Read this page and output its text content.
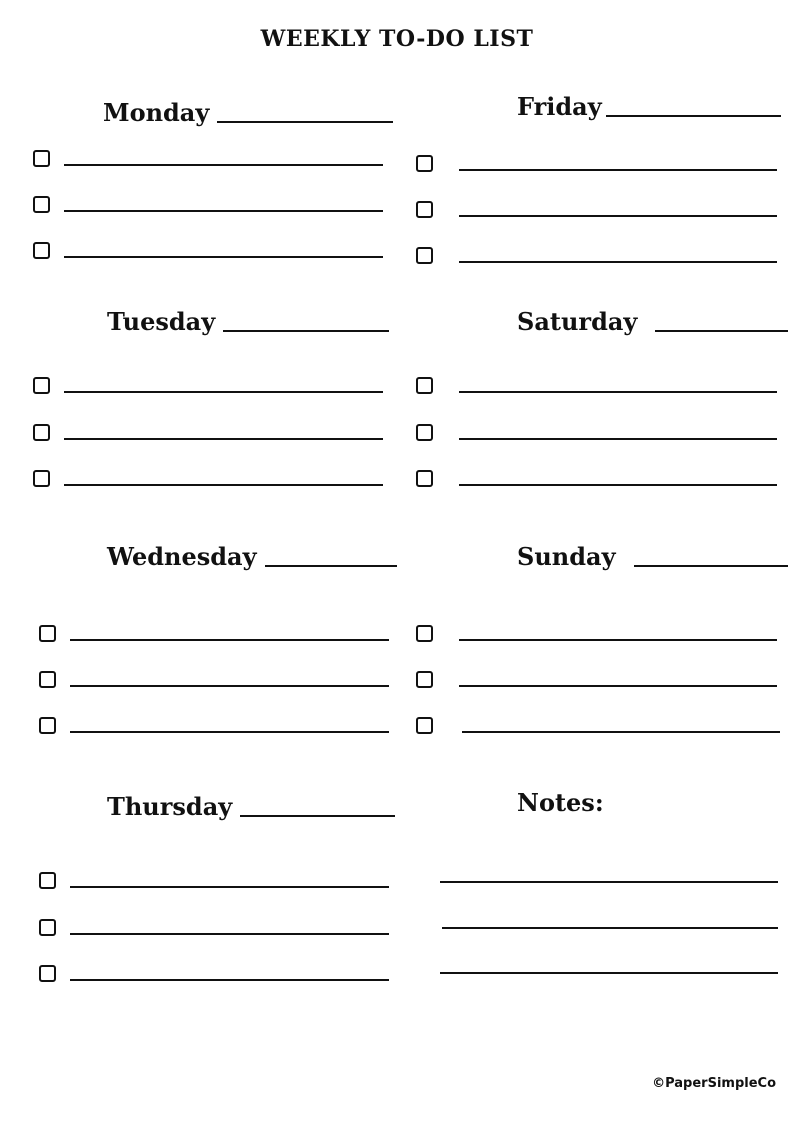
WEEKLY TO-DO LIST
Monday
Tuesday
Wednesday
Thursday
Friday
Saturday
Sunday
Notes:
©PaperSimpleCo
